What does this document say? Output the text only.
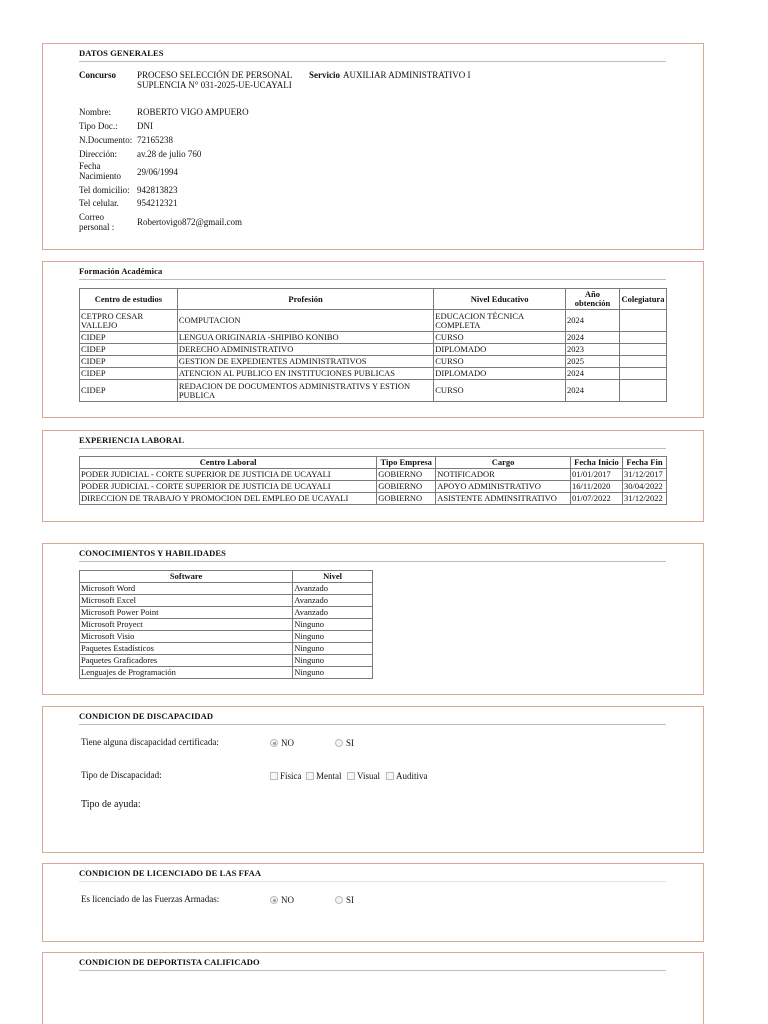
DATOS GENERALES
Concurso PROCESO SELECCIÓN DE PERSONAL
SUPLENCIA N° 031-2025-UE-UCAYALI
Servicio AUXILIAR ADMINISTRATIVO I
Nombre:	ROBERTO VIGO AMPUERO
Tipo Doc.: DNI
N.Documento: 72165238
Dirección: av.28 de julio 760
Fecha Nacimiento	29/06/1994
Tel domicilio: 942813823
Tel celular. 954212321
Correo personal :	Robertovigo872@gmail.com
Formación Académica
Centro de estudios	Profesión	Nivel Educativo	Año obtención	Colegiatura
CETPRO CESAR VALLEJO	COMPUTACION	EDUCACION TÉCNICA COMPLETA	2024	
CIDEP	LENGUA ORIGINARIA -SHIPIBO KONIBO	CURSO	2024	
CIDEP	DERECHO ADMINISTRATIVO	DIPLOMADO	2023	
CIDEP	GESTION DE EXPEDIENTES ADMINISTRATIVOS	CURSO	2025	
CIDEP	ATENCION AL PUBLICO EN INSTITUCIONES PUBLICAS	DIPLOMADO	2024	
CIDEP	REDACION DE DOCUMENTOS ADMINISTRATIVS Y ESTION PUBLICA	CURSO	2024	
EXPERIENCIA LABORAL
Centro Laboral	Tipo Empresa	Cargo	Fecha Inicio	Fecha Fin
PODER JUDICIAL - CORTE SUPERIOR DE JUSTICIA DE UCAYALI	GOBIERNO	NOTIFICADOR	01/01/2017	31/12/2017
PODER JUDICIAL - CORTE SUPERIOR DE JUSTICIA DE UCAYALI	GOBIERNO	APOYO ADMINISTRATIVO	16/11/2020	30/04/2022
DIRECCION DE TRABAJO Y PROMOCION DEL EMPLEO DE UCAYALI	GOBIERNO	ASISTENTE ADMINSITRATIVO	01/07/2022	31/12/2022
CONOCIMIENTOS Y HABILIDADES
Software	Nivel
Microsoft Word	Avanzado
Microsoft Excel	Avanzado
Microsoft Power Point	Avanzado
Microsoft Proyect	Ninguno
Microsoft Visio	Ninguno
Paquetes Estadísticos	Ninguno
Paquetes Graficadores	Ninguno
Lenguajes de Programación	Ninguno
CONDICION DE DISCAPACIDAD
Tiene alguna discapacidad certificada:	NO	SI
Tipo de Discapacidad:	Física Mental Visual Auditiva
Tipo de ayuda:
CONDICION DE LICENCIADO DE LAS FFAA
Es licenciado de las Fuerzas Armadas:	NO	SI
CONDICION DE DEPORTISTA CALIFICADO
